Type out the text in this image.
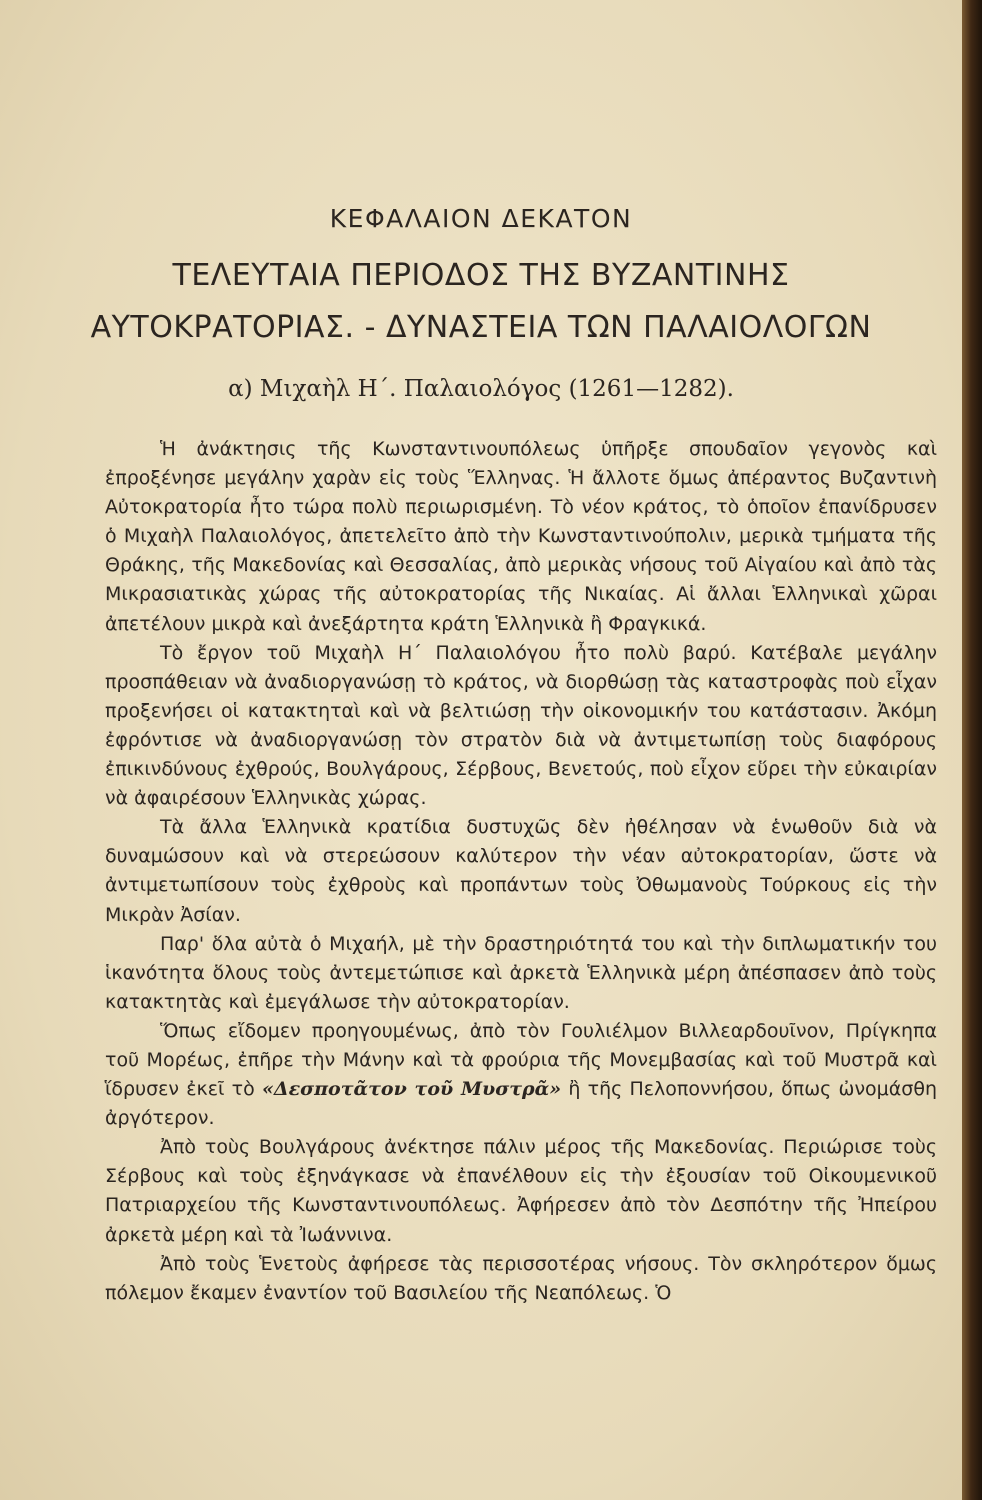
ΚΕΦΑΛΑΙΟΝ ΔΕΚΑΤΟΝ
ΤΕΛΕΥΤΑΙΑ ΠΕΡΙΟΔΟΣ ΤΗΣ ΒΥΖΑΝΤΙΝΗΣ
ΑΥΤΟΚΡΑΤΟΡΙΑΣ. - ΔΥΝΑΣΤΕΙΑ ΤΩΝ ΠΑΛΑΙΟΛΟΓΩΝ
α) Μιχαὴλ Η΄. Παλαιολόγος (1261—1282).

Ἡ ἀνάκτησις τῆς Κωνσταντινουπόλεως ὑπῆρξε σπουδαῖον γεγονὸς καὶ ἐπροξένησε μεγάλην χαρὰν εἰς τοὺς Ἕλληνας. Ἡ ἄλλοτε ὅμως ἀπέραντος Βυζαντινὴ Αὐτοκρατορία ἦτο τώρα πολὺ περιωρισμένη. Τὸ νέον κράτος, τὸ ὁποῖον ἐπανίδρυσεν ὁ Μιχαὴλ Παλαιολόγος, ἀπετελεῖτο ἀπὸ τὴν Κωνσταντινούπολιν, μερικὰ τμήματα τῆς Θράκης, τῆς Μακεδονίας καὶ Θεσσαλίας, ἀπὸ μερικὰς νήσους τοῦ Αἰγαίου καὶ ἀπὸ τὰς Μικρασιατικὰς χώρας τῆς αὐτοκρατορίας τῆς Νικαίας. Αἱ ἄλλαι Ἑλληνικαὶ χῶραι ἀπετέλουν μικρὰ καὶ ἀνεξάρτητα κράτη Ἑλληνικὰ ἢ Φραγκικά.

Τὸ ἔργον τοῦ Μιχαὴλ Η΄ Παλαιολόγου ἦτο πολὺ βαρύ. Κατέβαλε μεγάλην προσπάθειαν νὰ ἀναδιοργανώσῃ τὸ κράτος, νὰ διορθώσῃ τὰς καταστροφὰς ποὺ εἶχαν προξενήσει οἱ κατακτηταὶ καὶ νὰ βελτιώσῃ τὴν οἰκονομικήν του κατάστασιν. Ἀκόμη ἐφρόντισε νὰ ἀναδιοργανώσῃ τὸν στρατὸν διὰ νὰ ἀντιμετωπίσῃ τοὺς διαφόρους ἐπικινδύνους ἐχθρούς, Βουλγάρους, Σέρβους, Βενετούς, ποὺ εἶχον εὕρει τὴν εὐκαιρίαν νὰ ἀφαιρέσουν Ἑλληνικὰς χώρας.

Τὰ ἄλλα Ἑλληνικὰ κρατίδια δυστυχῶς δὲν ἠθέλησαν νὰ ἑνωθοῦν διὰ νὰ δυναμώσουν καὶ νὰ στερεώσουν καλύτερον τὴν νέαν αὐτοκρατορίαν, ὥστε νὰ ἀντιμετωπίσουν τοὺς ἐχθροὺς καὶ προπάντων τοὺς Ὀθωμανοὺς Τούρκους εἰς τὴν Μικρὰν Ἀσίαν.

Παρ' ὅλα αὐτὰ ὁ Μιχαήλ, μὲ τὴν δραστηριότητά του καὶ τὴν διπλωματικήν του ἱκανότητα ὅλους τοὺς ἀντεμετώπισε καὶ ἀρκετὰ Ἑλληνικὰ μέρη ἀπέσπασεν ἀπὸ τοὺς κατακτητὰς καὶ ἐμεγάλωσε τὴν αὐτοκρατορίαν.

Ὅπως εἴδομεν προηγουμένως, ἀπὸ τὸν Γουλιέλμον Βιλλεαρδουῖνον, Πρίγκηπα τοῦ Μορέως, ἐπῆρε τὴν Μάνην καὶ τὰ φρούρια τῆς Μονεμβασίας καὶ τοῦ Μυστρᾶ καὶ ἵδρυσεν ἐκεῖ τὸ «Δεσποτᾶτον τοῦ Μυστρᾶ» ἢ τῆς Πελοποννήσου, ὅπως ὠνομάσθη ἀργότερον.

Ἀπὸ τοὺς Βουλγάρους ἀνέκτησε πάλιν μέρος τῆς Μακεδονίας. Περιώρισε τοὺς Σέρβους καὶ τοὺς ἐξηνάγκασε νὰ ἐπανέλθουν εἰς τὴν ἐξουσίαν τοῦ Οἰκουμενικοῦ Πατριαρχείου τῆς Κωνσταντινουπόλεως. Ἀφήρεσεν ἀπὸ τὸν Δεσπότην τῆς Ἠπείρου ἀρκετὰ μέρη καὶ τὰ Ἰωάννινα.

Ἀπὸ τοὺς Ἑνετοὺς ἀφήρεσε τὰς περισσοτέρας νήσους. Τὸν σκληρότερον ὅμως πόλεμον ἔκαμεν ἐναντίον τοῦ Βασιλείου τῆς Νεαπόλεως. Ὁ
